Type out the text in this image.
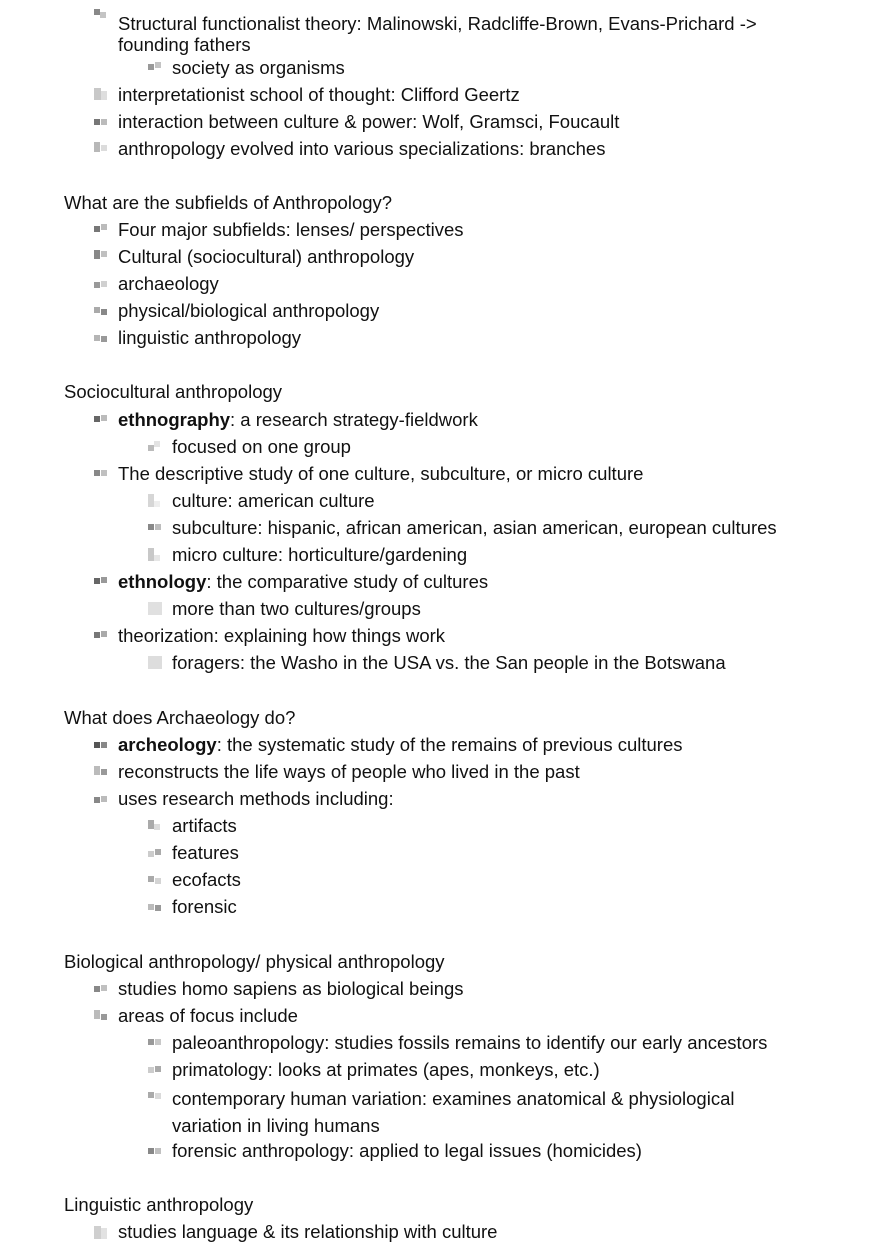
Structural functionalist theory: Malinowski, Radcliffe-Brown, Evans-Prichard -> founding fathers
society as organisms
interpretationist school of thought: Clifford Geertz
interaction between culture & power: Wolf, Gramsci, Foucault
anthropology evolved into various specializations: branches
What are the subfields of Anthropology?
Four major subfields: lenses/ perspectives
Cultural (sociocultural) anthropology
archaeology
physical/biological anthropology
linguistic anthropology
Sociocultural anthropology
ethnography: a research strategy-fieldwork
focused on one group
The descriptive study of one culture, subculture, or micro culture
culture: american culture
subculture: hispanic, african american, asian american, european cultures
micro culture: horticulture/gardening
ethnology: the comparative study of cultures
more than two cultures/groups
theorization: explaining how things work
foragers: the Washo in the USA vs. the San people in the Botswana
What does Archaeology do?
archeology: the systematic study of the remains of previous cultures
reconstructs the life ways of people who lived in the past
uses research methods including:
artifacts
features
ecofacts
forensic
Biological anthropology/ physical anthropology
studies homo sapiens as biological beings
areas of focus include
paleoanthropology: studies fossils remains to identify our early ancestors
primatology: looks at primates (apes, monkeys, etc.)
contemporary human variation: examines anatomical & physiological variation in living humans
forensic anthropology: applied to legal issues (homicides)
Linguistic anthropology
studies language & its relationship with culture
